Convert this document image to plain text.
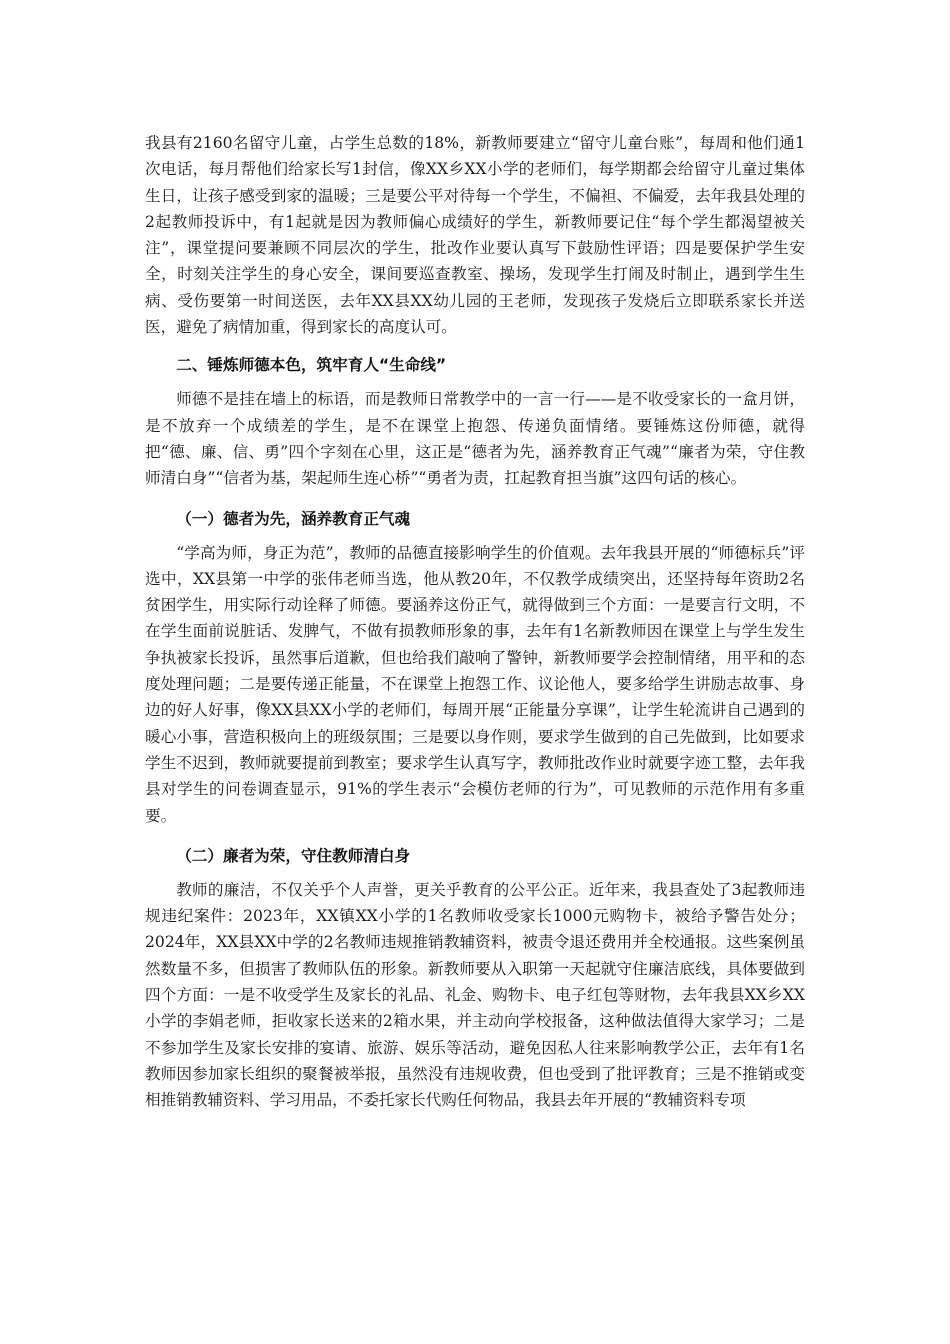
我县有2160名留守儿童，占学生总数的18%，新教师要建立“留守儿童台账”，每周和他们通1次电话，每月帮他们给家长写1封信，像XX乡XX小学的老师们，每学期都会给留守儿童过集体生日，让孩子感受到家的温暖；三是要公平对待每一个学生，不偏袒、不偏爱，去年我县处理的2起教师投诉中，有1起就是因为教师偏心成绩好的学生，新教师要记住“每个学生都渴望被关注”，课堂提问要兼顾不同层次的学生，批改作业要认真写下鼓励性评语；四是要保护学生安全，时刻关注学生的身心安全，课间要巡查教室、操场，发现学生打闹及时制止，遇到学生生病、受伤要第一时间送医，去年XX县XX幼儿园的王老师，发现孩子发烧后立即联系家长并送医，避免了病情加重，得到家长的高度认可。

二、锤炼师德本色，筑牢育人“生命线”

师德不是挂在墙上的标语，而是教师日常教学中的一言一行——是不收受家长的一盒月饼，是不放弃一个成绩差的学生，是不在课堂上抱怨、传递负面情绪。要锤炼这份师德，就得把“德、廉、信、勇”四个字刻在心里，这正是“德者为先，涵养教育正气魂”“廉者为荣，守住教师清白身”“信者为基，架起师生连心桥”“勇者为责，扛起教育担当旗”这四句话的核心。

（一）德者为先，涵养教育正气魂

“学高为师，身正为范”，教师的品德直接影响学生的价值观。去年我县开展的“师德标兵”评选中，XX县第一中学的张伟老师当选，他从教20年，不仅教学成绩突出，还坚持每年资助2名贫困学生，用实际行动诠释了师德。要涵养这份正气，就得做到三个方面：一是要言行文明，不在学生面前说脏话、发脾气，不做有损教师形象的事，去年有1名新教师因在课堂上与学生发生争执被家长投诉，虽然事后道歉，但也给我们敲响了警钟，新教师要学会控制情绪，用平和的态度处理问题；二是要传递正能量，不在课堂上抱怨工作、议论他人，要多给学生讲励志故事、身边的好人好事，像XX县XX小学的老师们，每周开展“正能量分享课”，让学生轮流讲自己遇到的暖心小事，营造积极向上的班级氛围；三是要以身作则，要求学生做到的自己先做到，比如要求学生不迟到，教师就要提前到教室；要求学生认真写字，教师批改作业时就要字迹工整，去年我县对学生的问卷调查显示，91%的学生表示“会模仿老师的行为”，可见教师的示范作用有多重要。

（二）廉者为荣，守住教师清白身

教师的廉洁，不仅关乎个人声誉，更关乎教育的公平公正。近年来，我县查处了3起教师违规违纪案件：2023年，XX镇XX小学的1名教师收受家长1000元购物卡，被给予警告处分；2024年，XX县XX中学的2名教师违规推销教辅资料，被责令退还费用并全校通报。这些案例虽然数量不多，但损害了教师队伍的形象。新教师要从入职第一天起就守住廉洁底线，具体要做到四个方面：一是不收受学生及家长的礼品、礼金、购物卡、电子红包等财物，去年我县XX乡XX小学的李娟老师，拒收家长送来的2箱水果，并主动向学校报备，这种做法值得大家学习；二是不参加学生及家长安排的宴请、旅游、娱乐等活动，避免因私人往来影响教学公正，去年有1名教师因参加家长组织的聚餐被举报，虽然没有违规收费，但也受到了批评教育；三是不推销或变相推销教辅资料、学习用品，不委托家长代购任何物品，我县去年开展的“教辅资料专项
